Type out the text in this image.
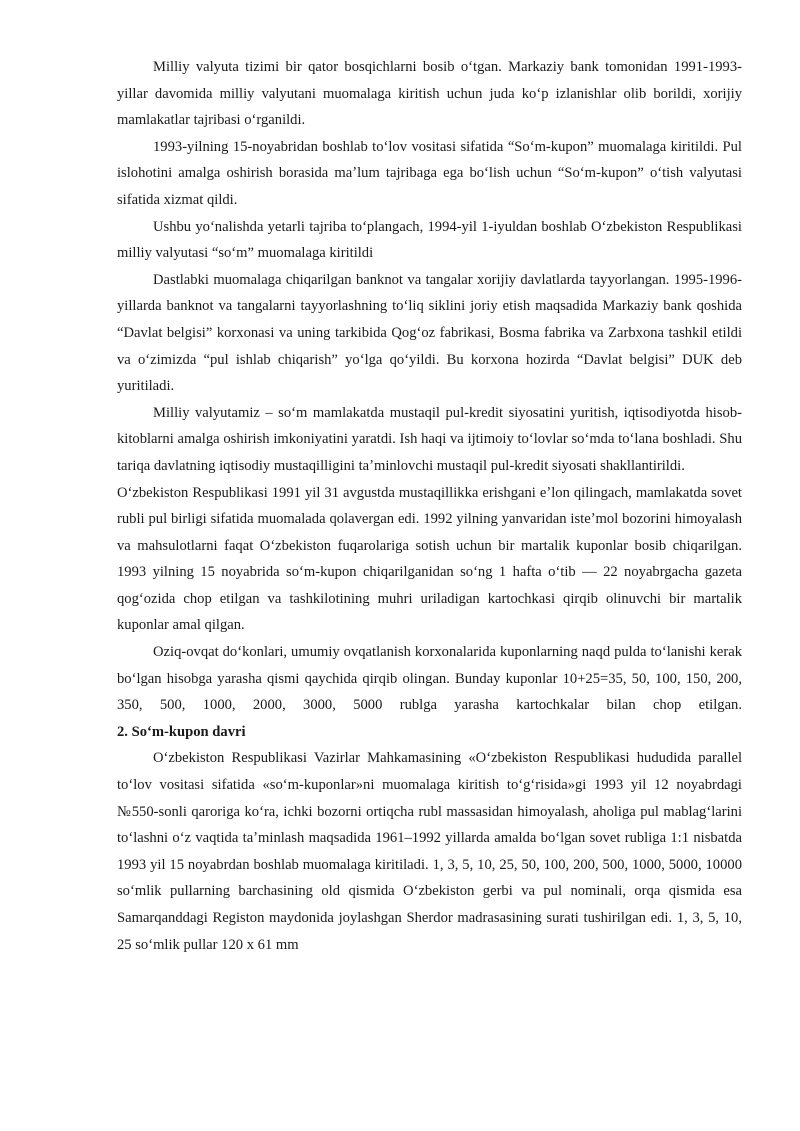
Milliy valyuta tizimi bir qator bosqichlarni bosib oʻtgan. Markaziy bank tomonidan 1991-1993-yillar davomida milliy valyutani muomalaga kiritish uchun juda koʻp izlanishlar olib borildi, xorijiy mamlakatlar tajribasi oʻrganildi.

1993-yilning 15-noyabridan boshlab toʻlov vositasi sifatida “Soʻm-kupon” muomalaga kiritildi. Pul islohotini amalga oshirish borasida maʼlum tajribaga ega boʻlish uchun “Soʻm-kupon” oʻtish valyutasi sifatida xizmat qildi.

Ushbu yoʻnalishda yetarli tajriba toʻplangach, 1994-yil 1-iyuldan boshlab Oʻzbekiston Respublikasi milliy valyutasi “soʻm” muomalaga kiritildi

Dastlabki muomalaga chiqarilgan banknot va tangalar xorijiy davlatlarda tayyorlangan. 1995-1996-yillarda banknot va tangalarni tayyorlashning toʻliq siklini joriy etish maqsadida Markaziy bank qoshida “Davlat belgisi” korxonasi va uning tarkibida Qogʻoz fabrikasi, Bosma fabrika va Zarbxona tashkil etildi va oʻzimizda “pul ishlab chiqarish” yoʻlga qoʻyildi. Bu korxona hozirda “Davlat belgisi” DUK deb yuritiladi.

Milliy valyutamiz – soʻm mamlakatda mustaqil pul-kredit siyosatini yuritish, iqtisodiyotda hisob-kitoblarni amalga oshirish imkoniyatini yaratdi. Ish haqi va ijtimoiy toʻlovlar soʻmda toʻlana boshladi. Shu tariqa davlatning iqtisodiy mustaqilligini taʼminlovchi mustaqil pul-kredit siyosati shakllantirildi.

Oʻzbekiston Respublikasi 1991 yil 31 avgustda mustaqillikka erishgani eʼlon qilingach, mamlakatda sovet rubli pul birligi sifatida muomalada qolavergan edi. 1992 yilning yanvaridan isteʼmol bozorini himoyalash va mahsulotlarni faqat Oʻzbekiston fuqarolariga sotish uchun bir martalik kuponlar bosib chiqarilgan. 1993 yilning 15 noyabrida soʻm-kupon chiqarilganidan soʻng 1 hafta oʻtib — 22 noyabrgacha gazeta qogʻozida chop etilgan va tashkilotining muhri uriladigan kartochkasi qirqib olinuvchi bir martalik kuponlar amal qilgan.

Oziq-ovqat doʻkonlari, umumiy ovqatlanish korxonalarida kuponlarning naqd pulda toʻlanishi kerak boʻlgan hisobga yarasha qismi qaychida qirqib olingan. Bunday kuponlar 10+25=35, 50, 100, 150, 200, 350, 500, 1000, 2000, 3000, 5000 rublga yarasha kartochkalar bilan chop etilgan.

2. Soʻm-kupon davri

Oʻzbekiston Respublikasi Vazirlar Mahkamasining «Oʻzbekiston Respublikasi hududida parallel toʻlov vositasi sifatida «soʻm-kuponlar»ni muomalaga kiritish toʻgʻrisida»gi 1993 yil 12 noyabrdagi №550-sonli qaroriga koʻra, ichki bozorni ortiqcha rubl massasidan himoyalash, aholiga pul mablagʻlarini toʻlashni oʻz vaqtida taʼminlash maqsadida 1961–1992 yillarda amalda boʻlgan sovet rubliga 1:1 nisbatda 1993 yil 15 noyabrdan boshlab muomalaga kiritiladi. 1, 3, 5, 10, 25, 50, 100, 200, 500, 1000, 5000, 10000 soʻmlik pullarning barchasining old qismida Oʻzbekiston gerbi va pul nominali, orqa qismida esa Samarqanddagi Registon maydonida joylashgan Sherdor madrasasining surati tushirilgan edi. 1, 3, 5, 10, 25 soʻmlik pullar 120 x 61 mm
